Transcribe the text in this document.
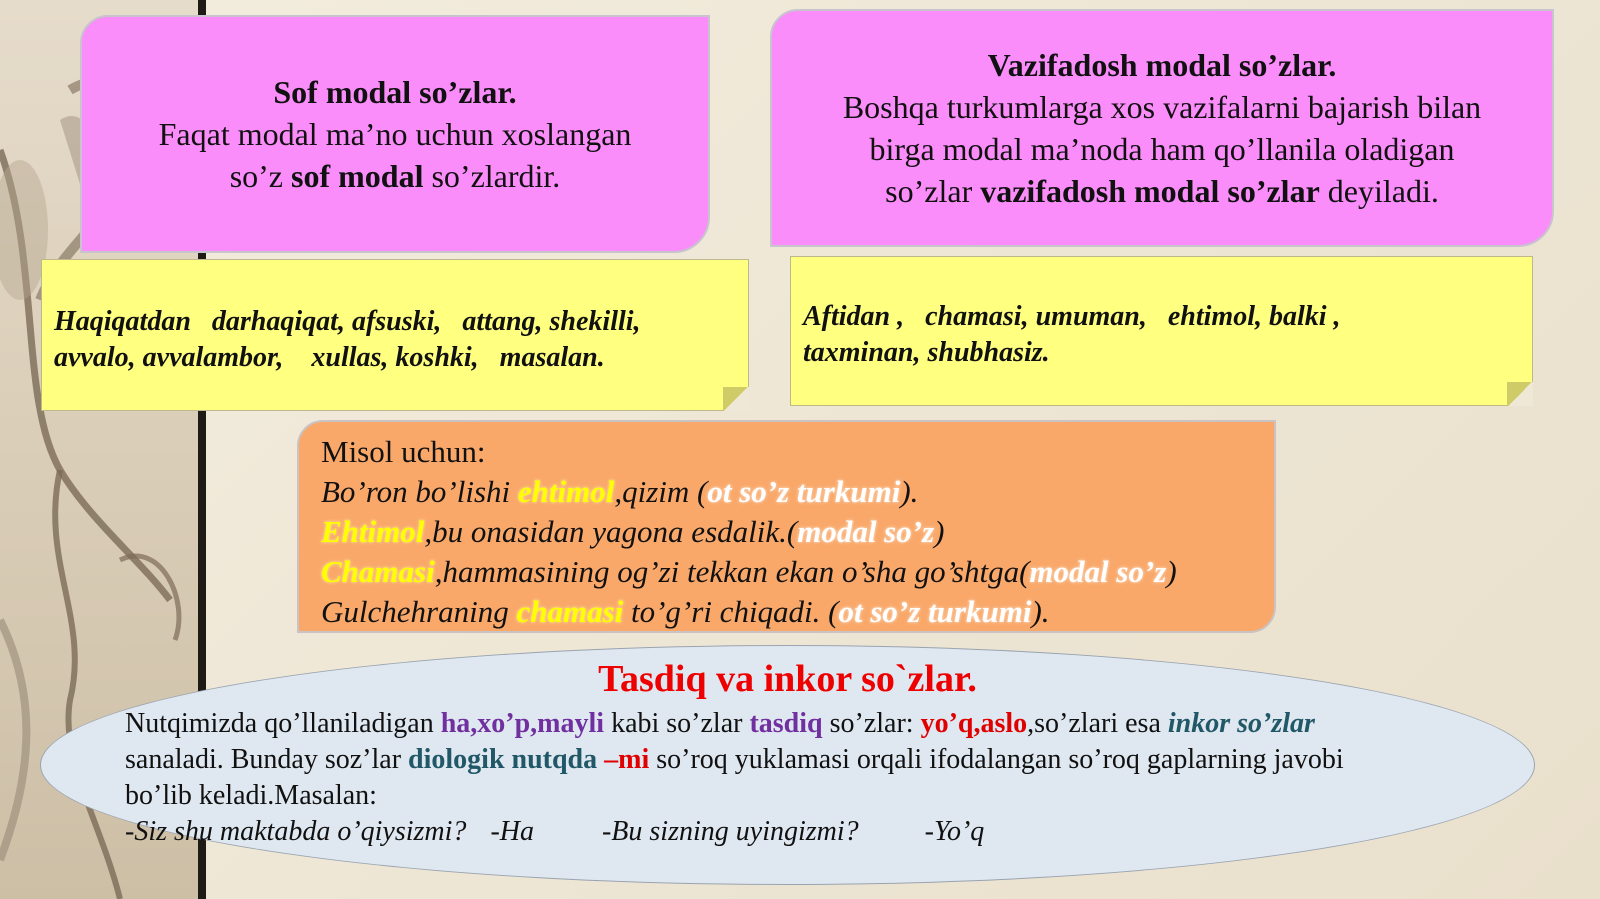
Sof modal so’zlar.
Faqat modal ma’no uchun xoslangan
so’z sof modal so’zlardir.
Vazifadosh modal so’zlar.
Boshqa turkumlarga xos vazifalarni bajarish bilan
birga modal ma’noda ham qo’llanila oladigan
so’zlar vazifadosh modal so’zlar deyiladi.
Haqiqatdan   darhaqiqat, afsuski,   attang, shekilli,
avvalo, avvalambor,    xullas, koshki,   masalan.
Aftidan ,   chamasi, umuman,   ehtimol, balki ,
taxminan, shubhasiz.
Misol uchun:
Bo’ron bo’lishi ehtimol,qizim (ot so’z turkumi).
Ehtimol,bu onasidan yagona esdalik.(modal so’z)
Chamasi,hammasining og’zi tekkan ekan o’sha go’shtga(modal so’z)
Gulchehraning chamasi to’g’ri chiqadi. (ot so’z turkumi).
Tasdiq va inkor so`zlar.
Nutqimizda qo’llaniladigan ha,xo’p,mayli kabi so’zlar tasdiq so’zlar: yo’q,aslo,so’zlari esa inkor so’zlar
sanaladi. Bunday soz’lar diologik nutqda –mi so’roq yuklamasi orqali ifodalangan so’roq gaplarning javobi
bo’lib keladi.Masalan:
-Siz shu maktabda o’qiysizmi? -Ha -Bu sizning uyingizmi? -Yo’q
